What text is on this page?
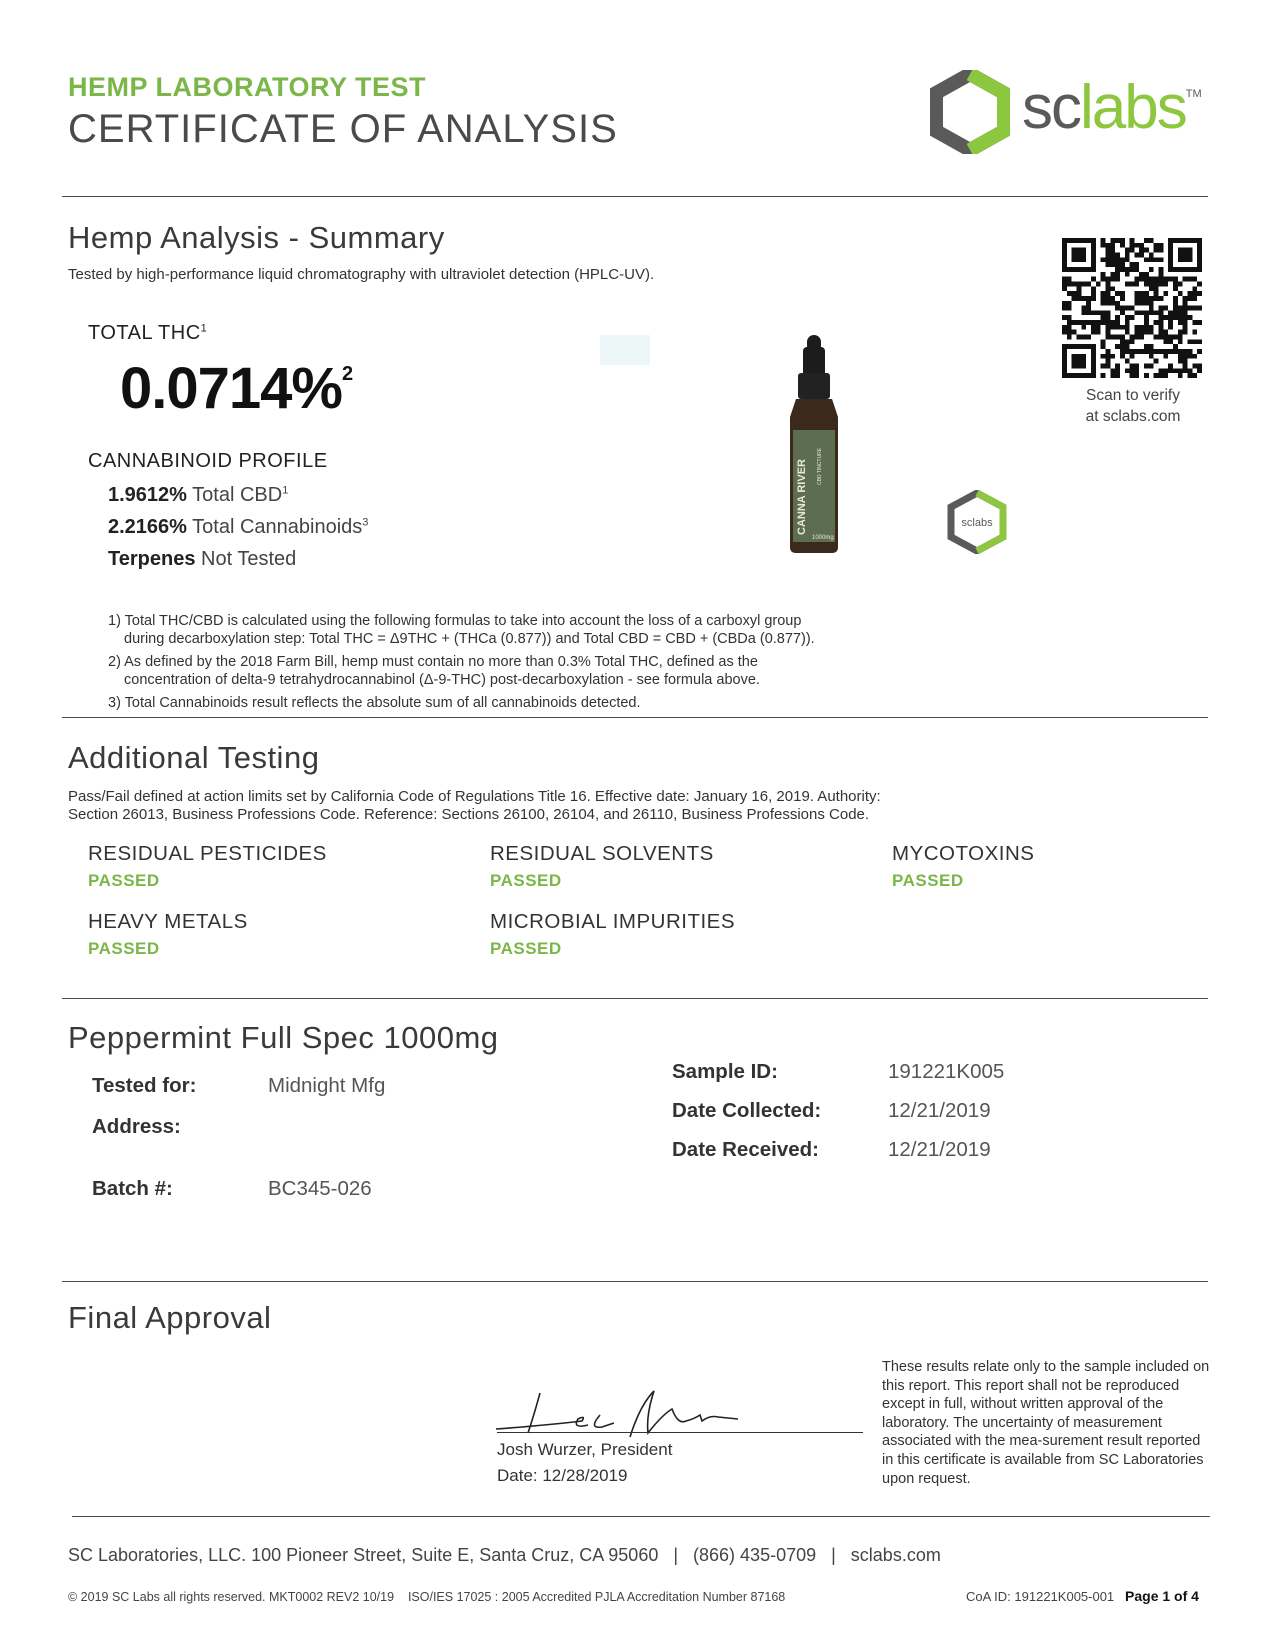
HEMP LABORATORY TEST
CERTIFICATE OF ANALYSIS	sclabs™
Hemp Analysis - Summary
Tested by high-performance liquid chromatography with ultraviolet detection (HPLC-UV).
TOTAL THC$^1$
0.0714%$^2$
CANNABINOID PROFILE
1.9612% Total CBD$^1$
2.2166% Total Cannabinoids$^3$
Terpenes Not Tested
1) Total THC/CBD is calculated using the following formulas to take into account the loss of a carboxyl group
during decarboxylation step: Total THC = Δ9THC + (THCa (0.877)) and Total CBD = CBD + (CBDa (0.877)).
2) As defined by the 2018 Farm Bill, hemp must contain no more than 0.3% Total THC, defined as the
concentration of delta-9 tetrahydrocannabinol (Δ-9-THC) post-decarboxylation - see formula above.
3) Total Cannabinoids result reflects the absolute sum of all cannabinoids detected.
CANNA RIVER CBD TINCTURE
1000mg
sclabs
Scan to verify
at sclabs.com
Additional Testing
Pass/Fail defined at action limits set by California Code of Regulations Title 16. Effective date: January 16, 2019. Authority:
Section 26013, Business Professions Code. Reference: Sections 26100, 26104, and 26110, Business Professions Code.
RESIDUAL PESTICIDES
PASSED
RESIDUAL SOLVENTS
PASSED
MYCOTOXINS
PASSED
HEAVY METALS
PASSED
MICROBIAL IMPURITIES
PASSED
Peppermint Full Spec 1000mg
Tested for:	Midnight Mfg
Address:
Batch #:	BC345-026
Sample ID:	191221K005
Date Collected:	12/21/2019
Date Received:	12/21/2019
Final Approval
Josh Wurzer, President
Date: 12/28/2019
These results relate only to the sample included on this report. This report shall not be reproduced except in full, without written approval of the laboratory. The uncertainty of measurement associated with the mea-surement result reported in this certificate is available from SC Laboratories upon request.
SC Laboratories, LLC. 100 Pioneer Street, Suite E, Santa Cruz, CA 95060   |   (866) 435-0709   |   sclabs.com
© 2019 SC Labs all rights reserved. MKT0002 REV2 10/19    ISO/IES 17025 : 2005 Accredited PJLA Accreditation Number 87168	CoA ID: 191221K005-001 Page 1 of 4
